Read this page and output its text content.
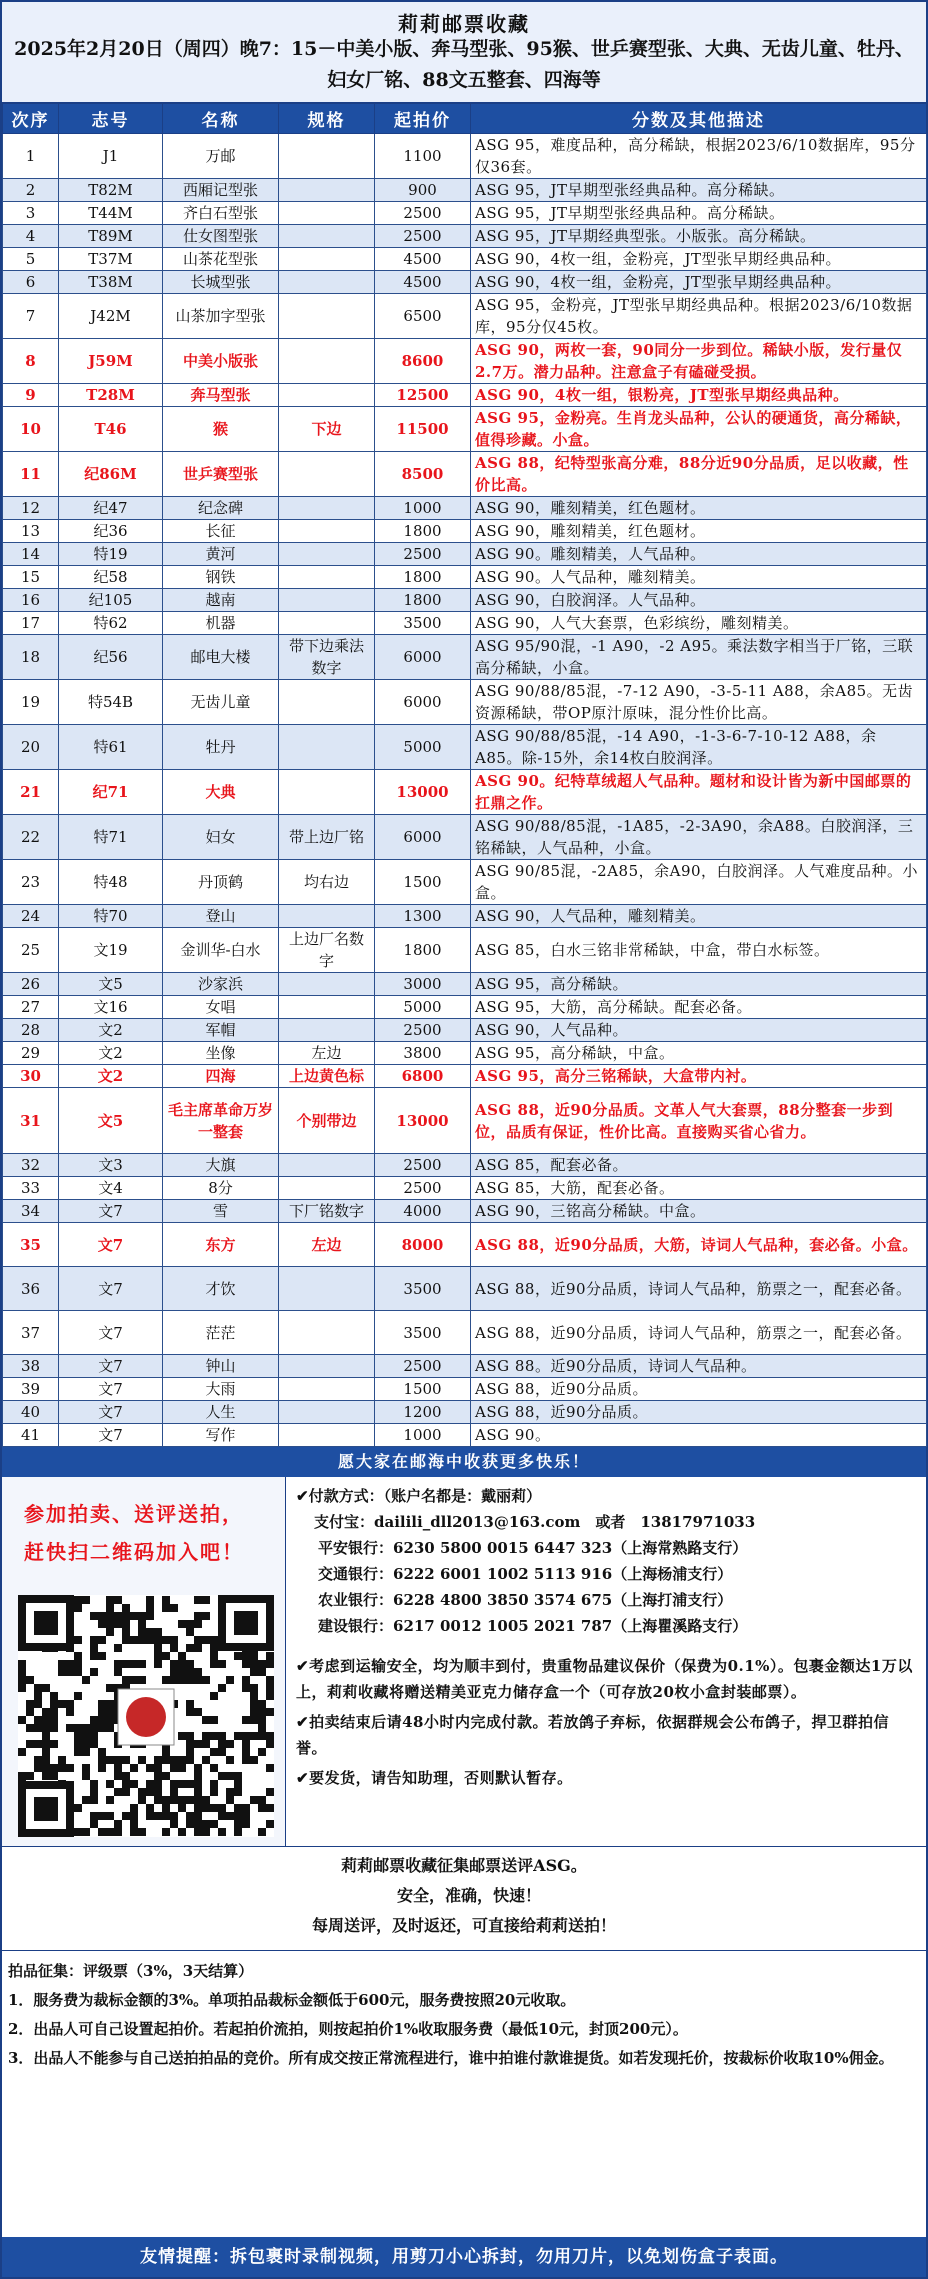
莉莉邮票收藏
2025年2月20日（周四）晚7：15－中美小版、奔马型张、95猴、世乒赛型张、大典、无齿儿童、牡丹、妇女厂铭、88文五整套、四海等
次序	志号	名称	规格	起拍价	分数及其他描述
1	J1	万邮		1100	ASG 95，难度品种，高分稀缺，根据2023/6/10数据库，95分仅36套。
2	T82M	西厢记型张		900	ASG 95，JT早期型张经典品种。高分稀缺。
3	T44M	齐白石型张		2500	ASG 95，JT早期型张经典品种。高分稀缺。
4	T89M	仕女图型张		2500	ASG 95，JT早期经典型张。小版张。高分稀缺。
5	T37M	山茶花型张		4500	ASG 90，4枚一组，金粉亮，JT型张早期经典品种。
6	T38M	长城型张		4500	ASG 90，4枚一组，金粉亮，JT型张早期经典品种。
7	J42M	山茶加字型张		6500	ASG 95，金粉亮，JT型张早期经典品种。根据2023/6/10数据库，95分仅45枚。
8	J59M	中美小版张		8600	ASG 90，两枚一套，90同分一步到位。稀缺小版，发行量仅2.7万。潜力品种。注意盒子有磕碰受损。
9	T28M	奔马型张		12500	ASG 90，4枚一组，银粉亮，JT型张早期经典品种。
10	T46	猴	下边	11500	ASG 95，金粉亮。生肖龙头品种，公认的硬通货，高分稀缺，值得珍藏。小盒。
11	纪86M	世乒赛型张		8500	ASG 88，纪特型张高分难，88分近90分品质，足以收藏，性价比高。
12	纪47	纪念碑		1000	ASG 90，雕刻精美，红色题材。
13	纪36	长征		1800	ASG 90，雕刻精美，红色题材。
14	特19	黄河		2500	ASG 90。雕刻精美，人气品种。
15	纪58	钢铁		1800	ASG 90。人气品种，雕刻精美。
16	纪105	越南		1800	ASG 90，白胶润泽。人气品种。
17	特62	机器		3500	ASG 90，人气大套票，色彩缤纷，雕刻精美。
18	纪56	邮电大楼	带下边乘法数字	6000	ASG 95/90混，-1 A90，-2 A95。乘法数字相当于厂铭，三联高分稀缺，小盒。
19	特54B	无齿儿童		6000	ASG 90/88/85混，-7-12 A90，-3-5-11 A88，余A85。无齿资源稀缺，带OP原汁原味，混分性价比高。
20	特61	牡丹		5000	ASG 90/88/85混，-14 A90，-1-3-6-7-10-12 A88，余A85。除-15外，余14枚白胶润泽。
21	纪71	大典		13000	ASG 90。纪特草绒超人气品种。题材和设计皆为新中国邮票的扛鼎之作。
22	特71	妇女	带上边厂铭	6000	ASG 90/88/85混，-1A85，-2-3A90，余A88。白胶润泽，三铭稀缺，人气品种，小盒。
23	特48	丹顶鹤	均右边	1500	ASG 90/85混，-2A85，余A90，白胶润泽。人气难度品种。小盒。
24	特70	登山		1300	ASG 90，人气品种，雕刻精美。
25	文19	金训华-白水	上边厂名数字	1800	ASG 85，白水三铭非常稀缺，中盒，带白水标签。
26	文5	沙家浜		3000	ASG 95，高分稀缺。
27	文16	女唱		5000	ASG 95，大筋，高分稀缺。配套必备。
28	文2	军帽		2500	ASG 90，人气品种。
29	文2	坐像	左边	3800	ASG 95，高分稀缺，中盒。
30	文2	四海	上边黄色标	6800	ASG 95，高分三铭稀缺，大盒带内衬。
31	文5	毛主席革命万岁一整套	个别带边	13000	ASG 88，近90分品质。文革人气大套票，88分整套一步到位，品质有保证，性价比高。直接购买省心省力。
32	文3	大旗		2500	ASG 85，配套必备。
33	文4	8分		2500	ASG 85，大筋，配套必备。
34	文7	雪	下厂铭数字	4000	ASG 90，三铭高分稀缺。中盒。
35	文7	东方	左边	8000	ASG 88，近90分品质，大筋，诗词人气品种，套必备。小盒。
36	文7	才饮		3500	ASG 88，近90分品质，诗词人气品种，筋票之一，配套必备。
37	文7	茫茫		3500	ASG 88，近90分品质，诗词人气品种，筋票之一，配套必备。
38	文7	钟山		2500	ASG 88。近90分品质，诗词人气品种。
39	文7	大雨		1500	ASG 88，近90分品质。
40	文7	人生		1200	ASG 88，近90分品质。
41	文7	写作		1000	ASG 90。
愿大家在邮海中收获更多快乐！
参加拍卖、送评送拍，
赶快扫二维码加入吧！
✔付款方式：（账户名都是：戴丽莉）
支付宝：dailili_dll2013@163.com　或者　13817971033
平安银行：6230 5800 0015 6447 323（上海常熟路支行）
交通银行：6222 6001 1002 5113 916（上海杨浦支行）
农业银行：6228 4800 3850 3574 675（上海打浦支行）
建设银行：6217 0012 1005 2021 787（上海瞿溪路支行）
✔考虑到运输安全，均为顺丰到付，贵重物品建议保价（保费为0.1%）。包裹金额达1万以上，莉莉收藏将赠送精美亚克力储存盒一个（可存放20枚小盒封装邮票）。
✔拍卖结束后请48小时内完成付款。若放鸽子弃标，依据群规会公布鸽子，捍卫群拍信誉。
✔要发货，请告知助理，否则默认暂存。
莉莉邮票收藏征集邮票送评ASG。
安全，准确，快速！
每周送评，及时返还，可直接给莉莉送拍！
拍品征集：评级票（3%，3天结算）
1．服务费为裁标金额的3%。单项拍品裁标金额低于600元，服务费按照20元收取。
2．出品人可自己设置起拍价。若起拍价流拍，则按起拍价1%收取服务费（最低10元，封顶200元）。
3．出品人不能参与自己送拍拍品的竞价。所有成交按正常流程进行，谁中拍谁付款谁提货。如若发现托价，按裁标价收取10%佣金。
友情提醒：拆包裹时录制视频，用剪刀小心拆封，勿用刀片，以免划伤盒子表面。
